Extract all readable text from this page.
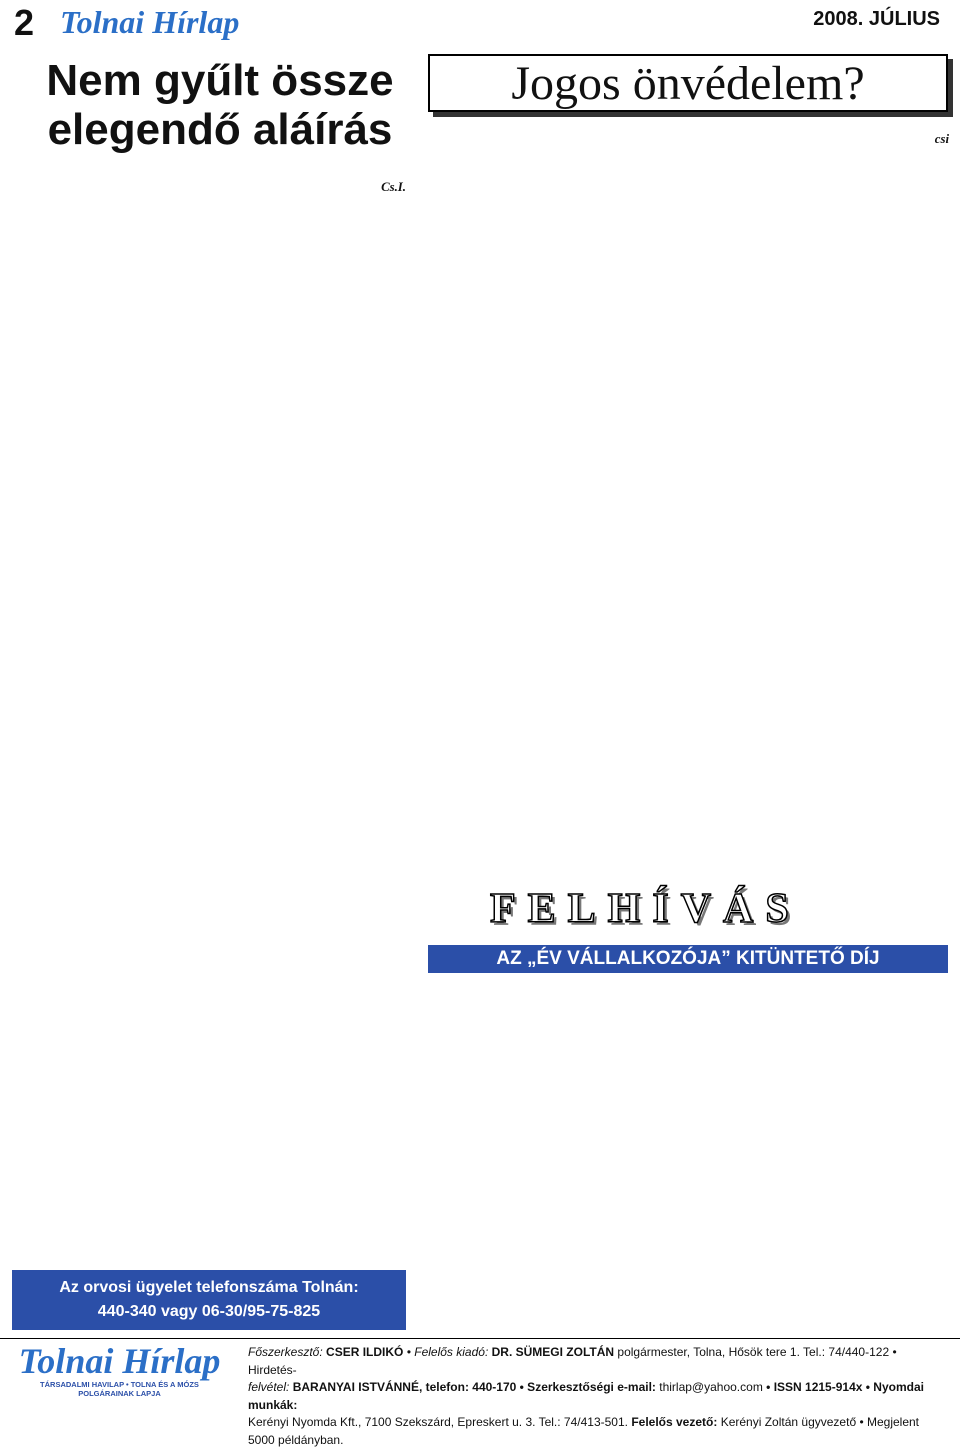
2 Tolnai Hírlap	2008. JÚLIUS
Nem gyűlt össze elegendő aláírás
Jogos önvédelem?

Cs.I.

csi

FELHÍVÁS
AZ „ÉV VÁLLALKOZÓJA” KITÜNTETŐ DÍJ
Az orvosi ügyelet telefonszáma Tolnán:
440-340 vagy 06-30/95-75-825
Tolnai Hírlap
TÁRSADALMI HAVILAP • TOLNA ÉS A MÓZS POLGÁRAINAK LAPJA
Főszerkesztő: CSER ILDIKÓ • Felelős kiadó: DR. SÜMEGI ZOLTÁN polgármester, Tolna, Hősök tere 1. Tel.: 74/440-122 • Hirdetés-
felvétel: BARANYAI ISTVÁNNÉ, telefon: 440-170 • Szerkesztőségi e-mail: thirlap@yahoo.com • ISSN 1215-914x • Nyomdai munkák:
Kerényi Nyomda Kft., 7100 Szekszárd, Epreskert u. 3. Tel.: 74/413-501. Felelős vezető: Kerényi Zoltán ügyvezető • Megjelent 5000 példányban.
